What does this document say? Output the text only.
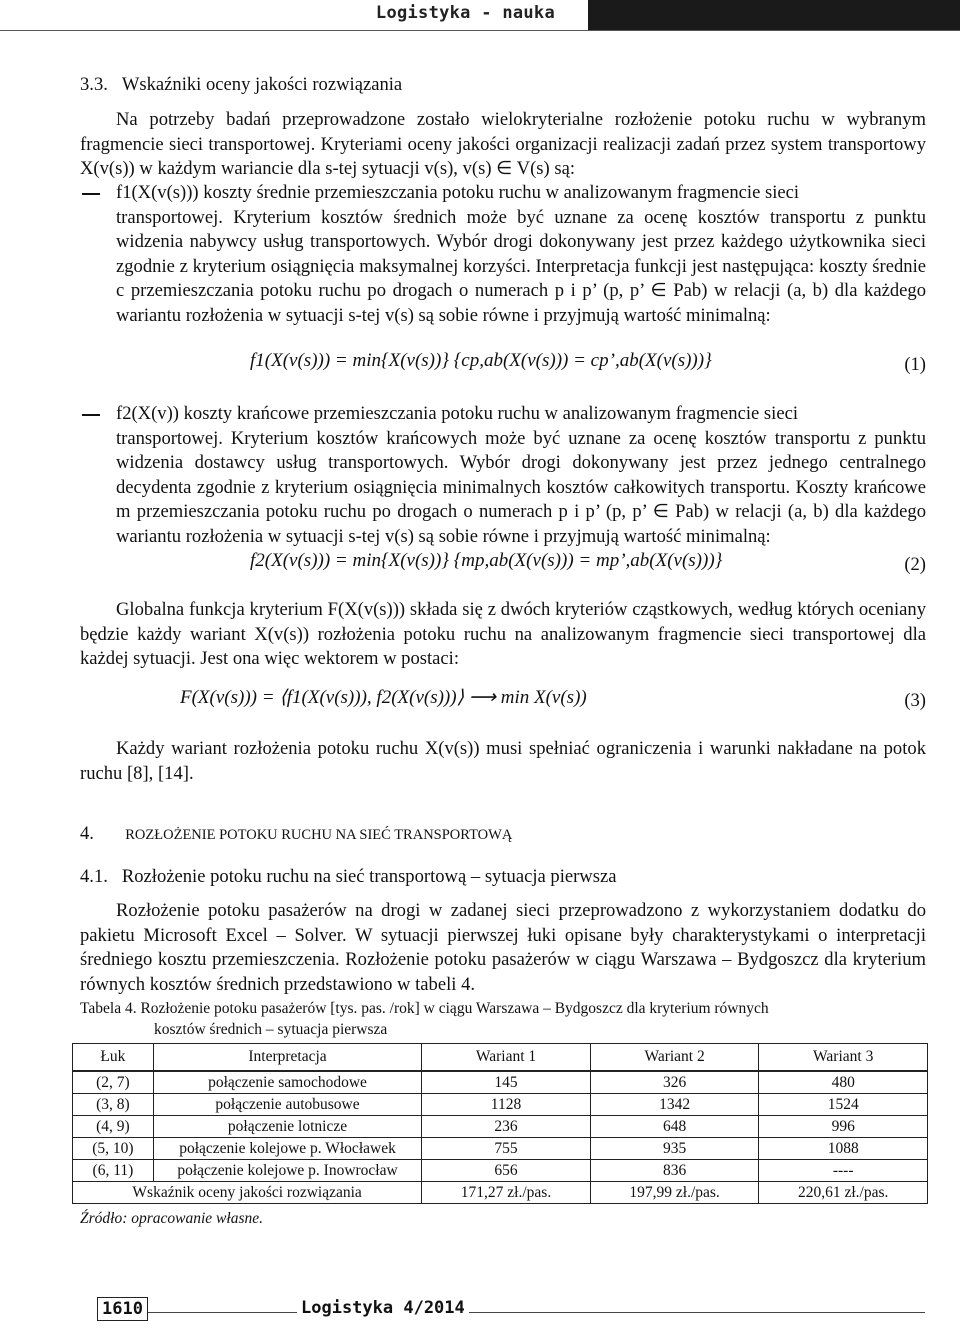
Logistyka - nauka

3.3.   Wskaźniki oceny jakości rozwiązania

Na potrzeby badań przeprowadzone zostało wielokryterialne rozłożenie potoku ruchu w wybranym fragmencie sieci transportowej. Kryteriami oceny jakości organizacji realizacji zadań przez system transportowy X(v(s)) w każdym wariancie dla s-tej sytuacji v(s), v(s) ∈ V(s) są:

f1(X(v(s))) koszty średnie przemieszczania potoku ruchu w analizowanym fragmencie sieci
transportowej. Kryterium kosztów średnich może być uznane za ocenę kosztów transportu z punktu widzenia nabywcy usług transportowych. Wybór drogi dokonywany jest przez każdego użytkownika sieci zgodnie z kryterium osiągnięcia maksymalnej korzyści. Interpretacja funkcji jest następująca: koszty średnie c przemieszczania potoku ruchu po drogach o numerach p i p’ (p, p’ ∈ Pab) w relacji (a, b) dla każdego wariantu rozłożenia w sytuacji s-tej v(s) są sobie równe i przyjmują wartość minimalną:
f1(X(v(s))) = min{X(v(s))} {cp,ab(X(v(s))) = cp’,ab(X(v(s)))}	(1)
f2(X(v)) koszty krańcowe przemieszczania potoku ruchu w analizowanym fragmencie sieci
transportowej. Kryterium kosztów krańcowych może być uznane za ocenę kosztów transportu z punktu widzenia dostawcy usług transportowych. Wybór drogi dokonywany jest przez jednego centralnego decydenta zgodnie z kryterium osiągnięcia minimalnych kosztów całkowitych transportu. Koszty krańcowe m przemieszczania potoku ruchu po drogach o numerach p i p’ (p, p’ ∈ Pab) w relacji (a, b) dla każdego wariantu rozłożenia w sytuacji s-tej v(s) są sobie równe i przyjmują wartość minimalną:
f2(X(v(s))) = min{X(v(s))} {mp,ab(X(v(s))) = mp’,ab(X(v(s)))}	(2)

Globalna funkcja kryterium F(X(v(s))) składa się z dwóch kryteriów cząstkowych, według których oceniany będzie każdy wariant X(v(s)) rozłożenia potoku ruchu na analizowanym fragmencie sieci transportowej dla każdej sytuacji. Jest ona więc wektorem w postaci:

F(X(v(s))) = ⟨f1(X(v(s))), f2(X(v(s)))⟩ ⟶ min X(v(s))	(3)

Każdy wariant rozłożenia potoku ruchu X(v(s)) musi spełniać ograniczenia i warunki nakładane na potok ruchu [8], [14].

4. ROZŁOŻENIE POTOKU RUCHU NA SIEĆ TRANSPORTOWĄ

4.1.   Rozłożenie potoku ruchu na sieć transportową – sytuacja pierwsza

Rozłożenie potoku pasażerów na drogi w zadanej sieci przeprowadzono z wykorzystaniem dodatku do pakietu Microsoft Excel – Solver. W sytuacji pierwszej łuki opisane były charakterystykami o interpretacji średniego kosztu przemieszczenia. Rozłożenie potoku pasażerów w ciągu Warszawa – Bydgoszcz dla kryterium równych kosztów średnich przedstawiono w tabeli 4.

Tabela 4. Rozłożenie potoku pasażerów [tys. pas. /rok] w ciągu Warszawa – Bydgoszcz dla kryterium równych
kosztów średnich – sytuacja pierwsza
Łuk	Interpretacja	Wariant 1	Wariant 2	Wariant 3
(2, 7)	połączenie samochodowe	145	326	480
(3, 8)	połączenie autobusowe	1128	1342	1524
(4, 9)	połączenie lotnicze	236	648	996
(5, 10)	połączenie kolejowe p. Włocławek	755	935	1088
(6, 11)	połączenie kolejowe p. Inowrocław	656	836	----
Wskaźnik oceny jakości rozwiązania		171,27 zł./pas.	197,99 zł./pas.	220,61 zł./pas.
Źródło: opracowanie własne.
1610	Logistyka 4/2014
